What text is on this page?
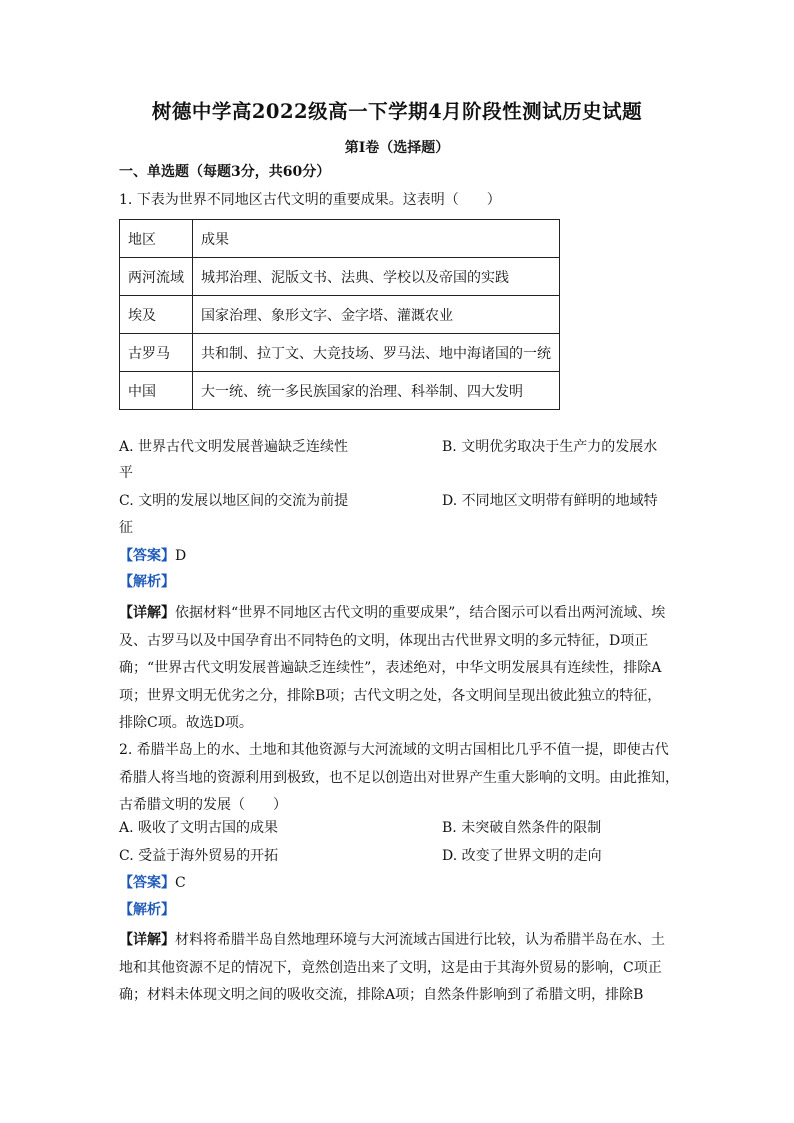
树德中学高2022级高一下学期4月阶段性测试历史试题
第I卷（选择题）
一、单选题（每题3分，共60分）
1. 下表为世界不同地区古代文明的重要成果。这表明（　　）
地区	成果
两河流域	城邦治理、泥版文书、法典、学校以及帝国的实践
埃及	国家治理、象形文字、金字塔、灌溉农业
古罗马	共和制、拉丁文、大竞技场、罗马法、地中海诸国的一统
中国	大一统、统一多民族国家的治理、科举制、四大发明
A. 世界古代文明发展普遍缺乏连续性	B. 文明优劣取决于生产力的发展水
平
C. 文明的发展以地区间的交流为前提	D. 不同地区文明带有鲜明的地域特
征
【答案】D
【解析】
【详解】依据材料“世界不同地区古代文明的重要成果”，结合图示可以看出两河流域、埃
及、古罗马以及中国孕育出不同特色的文明，体现出古代世界文明的多元特征，D项正
确；“世界古代文明发展普遍缺乏连续性”，表述绝对，中华文明发展具有连续性，排除A
项；世界文明无优劣之分，排除B项；古代文明之处，各文明间呈现出彼此独立的特征，
排除C项。故选D项。
2. 希腊半岛上的水、土地和其他资源与大河流域的文明古国相比几乎不值一提，即使古代
希腊人将当地的资源利用到极致，也不足以创造出对世界产生重大影响的文明。由此推知，
古希腊文明的发展（　　）
A. 吸收了文明古国的成果	B. 未突破自然条件的限制
C. 受益于海外贸易的开拓	D. 改变了世界文明的走向
【答案】C
【解析】
【详解】材料将希腊半岛自然地理环境与大河流域古国进行比较，认为希腊半岛在水、土
地和其他资源不足的情况下，竟然创造出来了文明，这是由于其海外贸易的影响，C项正
确；材料未体现文明之间的吸收交流，排除A项；自然条件影响到了希腊文明，排除B
